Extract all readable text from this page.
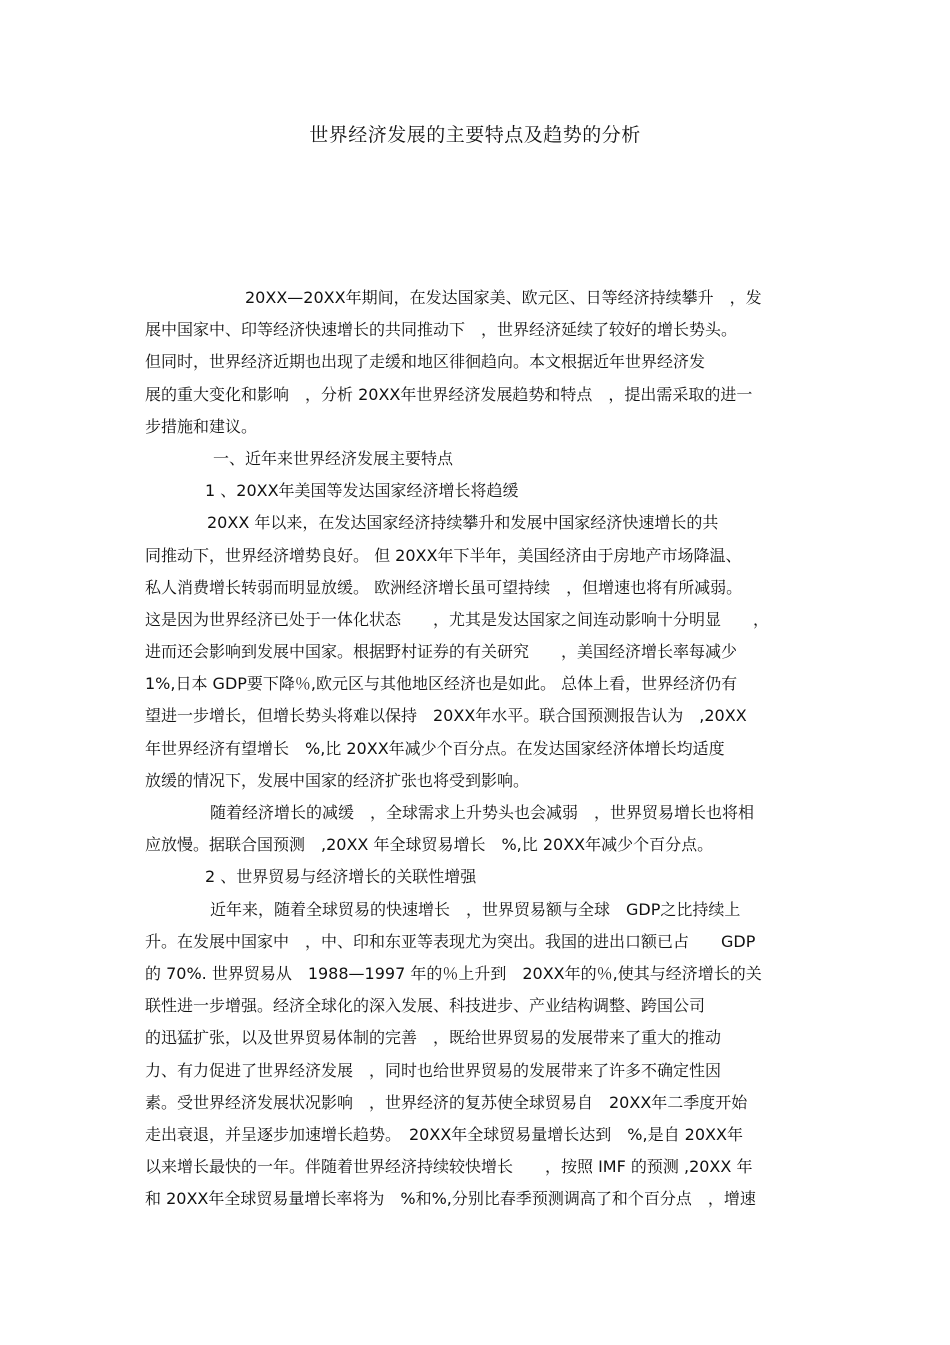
世界经济发展的主要特点及趋势的分析
20XX—20XX年期间，在发达国家美、欧元区、日等经济持续攀升　，发
展中国家中、印等经济快速增长的共同推动下　，世界经济延续了较好的增长势头。
但同时，世界经济近期也出现了走缓和地区徘徊趋向。本文根据近年世界经济发
展的重大变化和影响　，分析 20XX年世界经济发展趋势和特点　，提出需采取的进一
步措施和建议。
一、近年来世界经济发展主要特点
1 、20XX年美国等发达国家经济增长将趋缓
20XX 年以来，在发达国家经济持续攀升和发展中国家经济快速增长的共
同推动下，世界经济增势良好。 但 20XX年下半年，美国经济由于房地产市场降温、
私人消费增长转弱而明显放缓。 欧洲经济增长虽可望持续　，但增速也将有所减弱。
这是因为世界经济已处于一体化状态　　，尤其是发达国家之间连动影响十分明显　　，
进而还会影响到发展中国家。根据野村证券的有关研究　　，美国经济增长率每减少
1%,日本 GDP要下降％,欧元区与其他地区经济也是如此。 总体上看，世界经济仍有
望进一步增长，但增长势头将难以保持　20XX年水平。联合国预测报告认为　,20XX
年世界经济有望增长　%,比 20XX年减少个百分点。在发达国家经济体增长均适度
放缓的情况下，发展中国家的经济扩张也将受到影响。
随着经济增长的减缓　，全球需求上升势头也会减弱　，世界贸易增长也将相
应放慢。据联合国预测　,20XX 年全球贸易增长　%,比 20XX年减少个百分点。
2 、世界贸易与经济增长的关联性增强
近年来，随着全球贸易的快速增长　，世界贸易额与全球　GDP之比持续上
升。在发展中国家中　，中、印和东亚等表现尤为突出。我国的进出口额已占　　GDP
的 70%. 世界贸易从　1988—1997 年的％上升到　20XX年的％,使其与经济增长的关
联性进一步增强。经济全球化的深入发展、科技进步、产业结构调整、跨国公司
的迅猛扩张，以及世界贸易体制的完善　，既给世界贸易的发展带来了重大的推动
力、有力促进了世界经济发展　，同时也给世界贸易的发展带来了许多不确定性因
素。受世界经济发展状况影响　，世界经济的复苏使全球贸易自　20XX年二季度开始
走出衰退，并呈逐步加速增长趋势。　20XX年全球贸易量增长达到　%,是自 20XX年
以来增长最快的一年。伴随着世界经济持续较快增长　　，按照 IMF 的预测 ,20XX 年
和 20XX年全球贸易量增长率将为　%和%,分别比春季预测调高了和个百分点　，增速
